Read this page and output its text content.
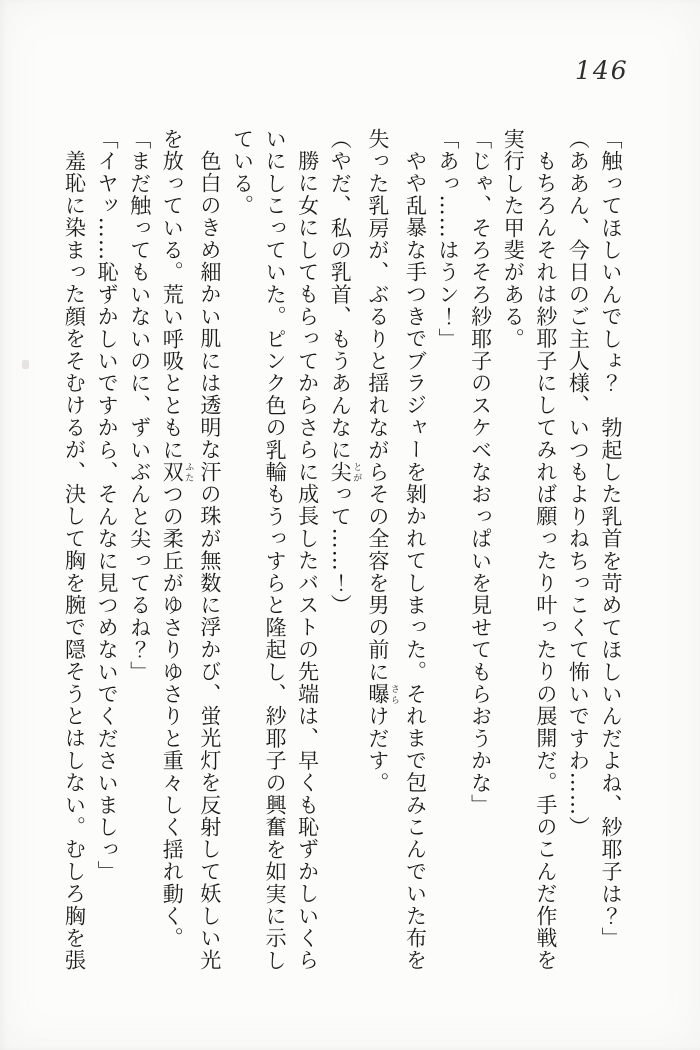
146

「触ってほしいんでしょ？　勃起した乳首を苛めてほしいんだよね、紗耶子は？」

（ああん、今日のご主人様、いつもよりねちっこくて怖いですわ……）

もちろんそれは紗耶子にしてみれば願ったり叶ったりの展開だ。手のこんだ作戦を

実行した甲斐がある。

「じゃ、そろそろ紗耶子のスケベなおっぱいを見せてもらおうかな」

「あっ……はうン！」

やや乱暴な手つきでブラジャーを剝かれてしまった。それまで包みこんでいた布を

失った乳房が、ぶるりと揺れながらその全容を男の前に曝 さらけだす。

（やだ、私の乳首、もうあんなに尖 とがって……！）

勝に女にしてもらってからさらに成長したバストの先端は、早くも恥ずかしいくら

いにしこっていた。ピンク色の乳輪もうっすらと隆起し、紗耶子の興奮を如実に示し

ている。

色白のきめ細かい肌には透明な汗の珠が無数に浮かび、蛍光灯を反射して妖しい光

を放っている。荒い呼吸とともに双 ふたつの柔丘がゆさりゆさりと重々しく揺れ動く。

「まだ触ってもいないのに、ずいぶんと尖ってるね？」

「イヤッ……恥ずかしいですから、そんなに見つめないでくださいましっ」

羞恥に染まった顔をそむけるが、決して胸を腕で隠そうとはしない。むしろ胸を張
